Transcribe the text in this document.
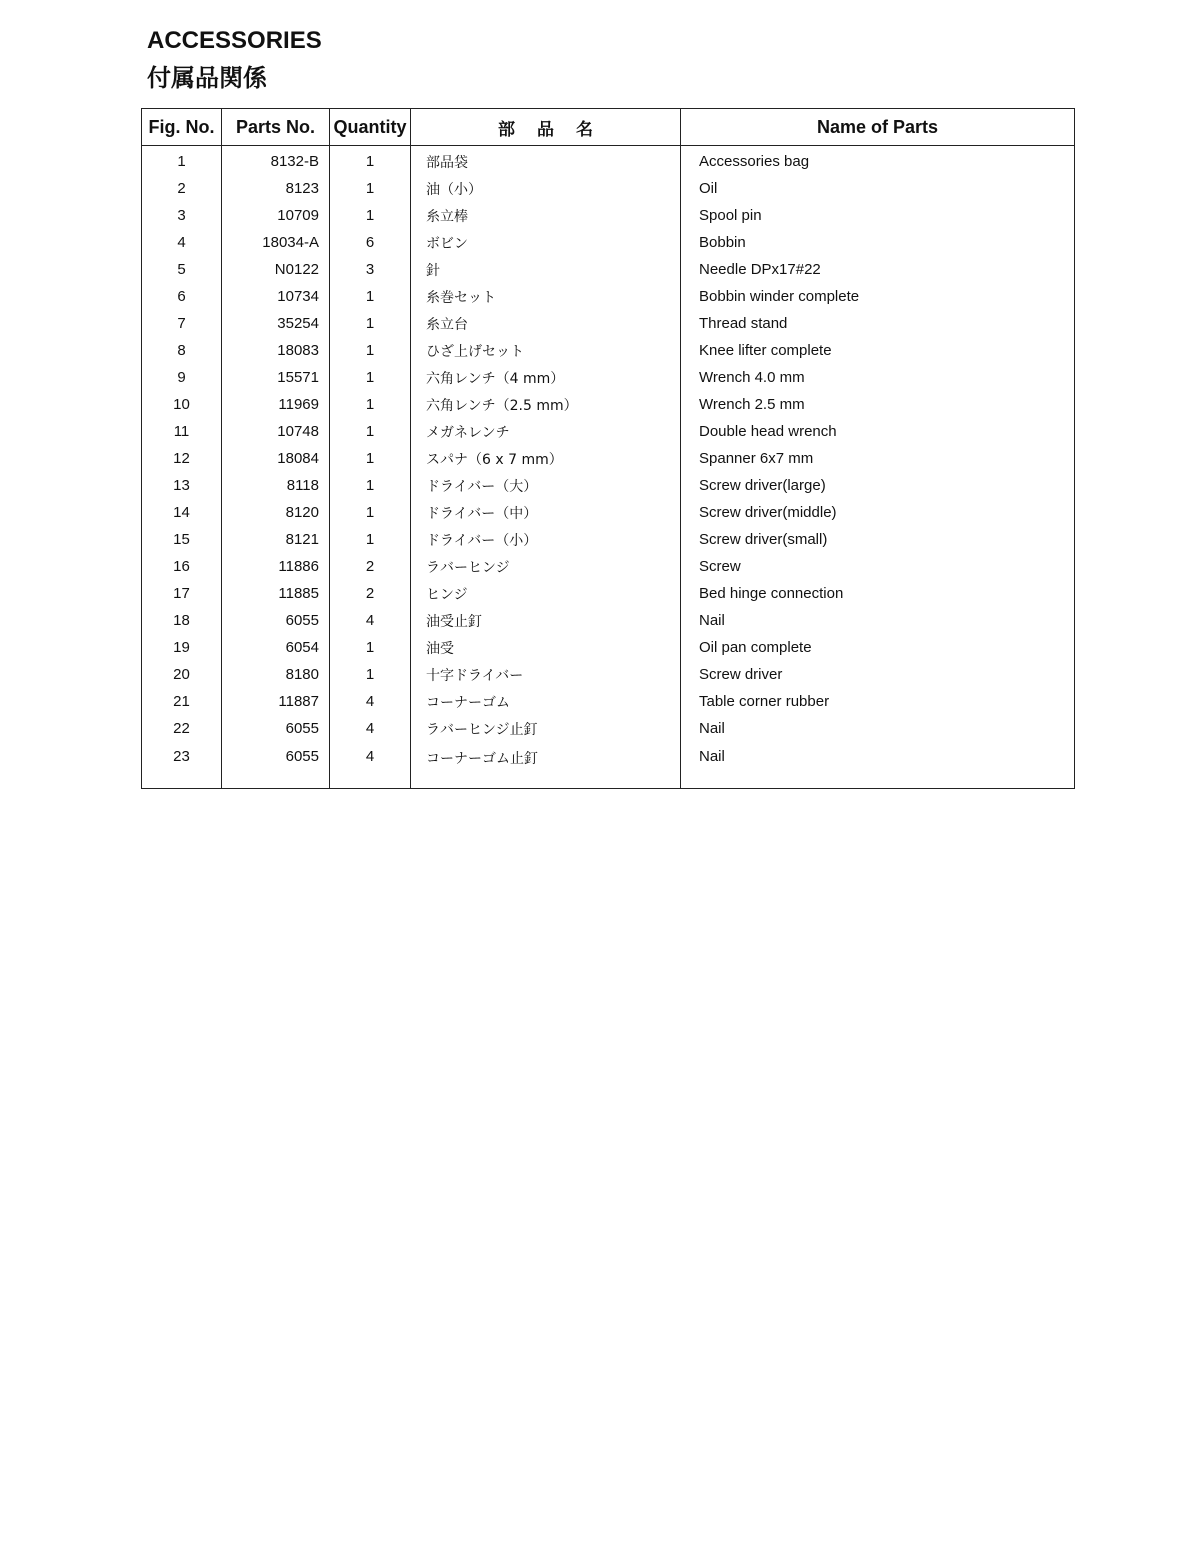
ACCESSORIES
付属品関係
Fig. No.	Parts No.	Quantity	部品名	Name of Parts
1	8132-B	1	部品袋	Accessories bag
2	8123	1	油（小）	Oil
3	10709	1	糸立棒	Spool pin
4	18034-A	6	ボビン	Bobbin
5	N0122	3	針	Needle DPx17#22
6	10734	1	糸巻セット	Bobbin winder complete
7	35254	1	糸立台	Thread stand
8	18083	1	ひざ上げセット	Knee lifter complete
9	15571	1	六角レンチ（4 mm）	Wrench 4.0 mm
10	11969	1	六角レンチ（2.5 mm）	Wrench 2.5 mm
11	10748	1	メガネレンチ	Double head wrench
12	18084	1	スパナ（6 x 7 mm）	Spanner 6x7 mm
13	8118	1	ドライバー（大）	Screw driver(large)
14	8120	1	ドライバー（中）	Screw driver(middle)
15	8121	1	ドライバー（小）	Screw driver(small)
16	11886	2	ラバーヒンジ	Screw
17	11885	2	ヒンジ	Bed hinge connection
18	6055	4	油受止釘	Nail
19	6054	1	油受	Oil pan complete
20	8180	1	十字ドライバー	Screw driver
21	11887	4	コーナーゴム	Table corner rubber
22	6055	4	ラバーヒンジ止釘	Nail
23	6055	4	コーナーゴム止釘	Nail
